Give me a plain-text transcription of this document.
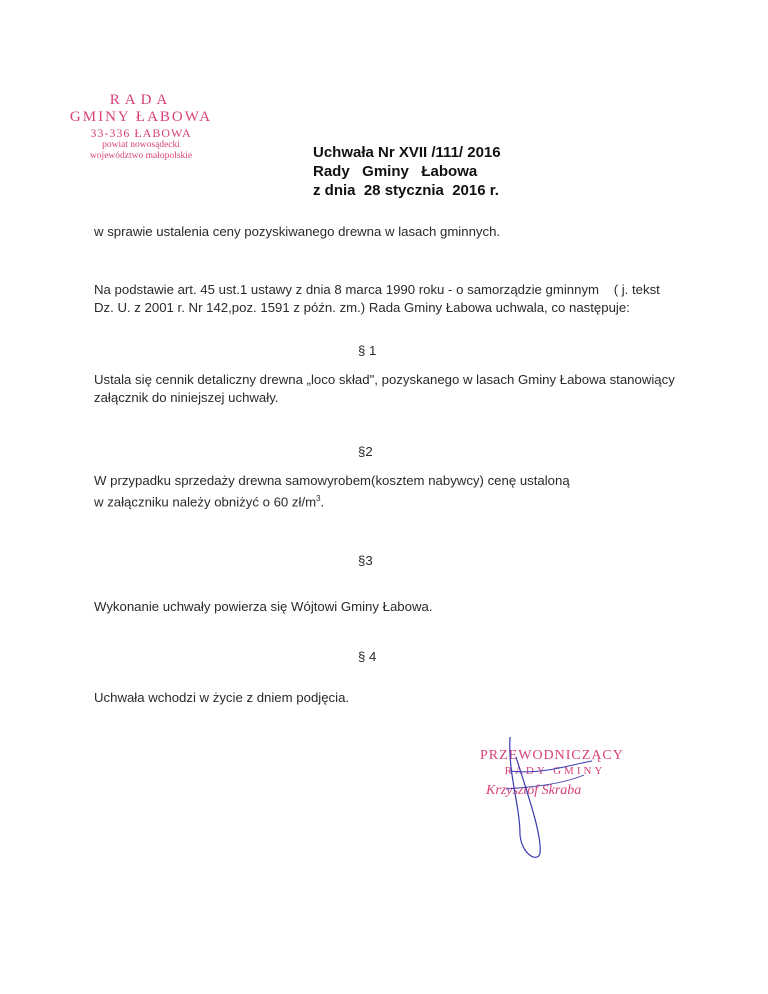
RADA
GMINY ŁABOWA
33-336 ŁABOWA
powiat nowosądecki
województwo małopolskie	Uchwała Nr XVII /111/ 2016
Rady   Gminy   Łabowa
z dnia  28 stycznia  2016 r.
w sprawie ustalenia ceny pozyskiwanego drewna w lasach gminnych.
Na podstawie art. 45 ust.1 ustawy z dnia 8 marca 1990 roku - o samorządzie gminnym ( j. tekst
Dz. U. z 2001 r. Nr 142,poz. 1591 z późn. zm.) Rada Gminy Łabowa uchwala, co następuje:
§ 1
Ustala się cennik detaliczny drewna „loco skład", pozyskanego w lasach Gminy Łabowa stanowiący załącznik do niniejszej uchwały.
§2
W przypadku sprzedaży drewna samowyrobem(kosztem nabywcy) cenę ustaloną
w załączniku należy obniżyć o 60 $zł/m^3$.
§3
Wykonanie uchwały powierza się Wójtowi Gminy Łabowa.
§ 4
Uchwała wchodzi w życie z dniem podjęcia.
PRZEWODNICZĄCY
RADY GMINY
Krzysztof Skraba
